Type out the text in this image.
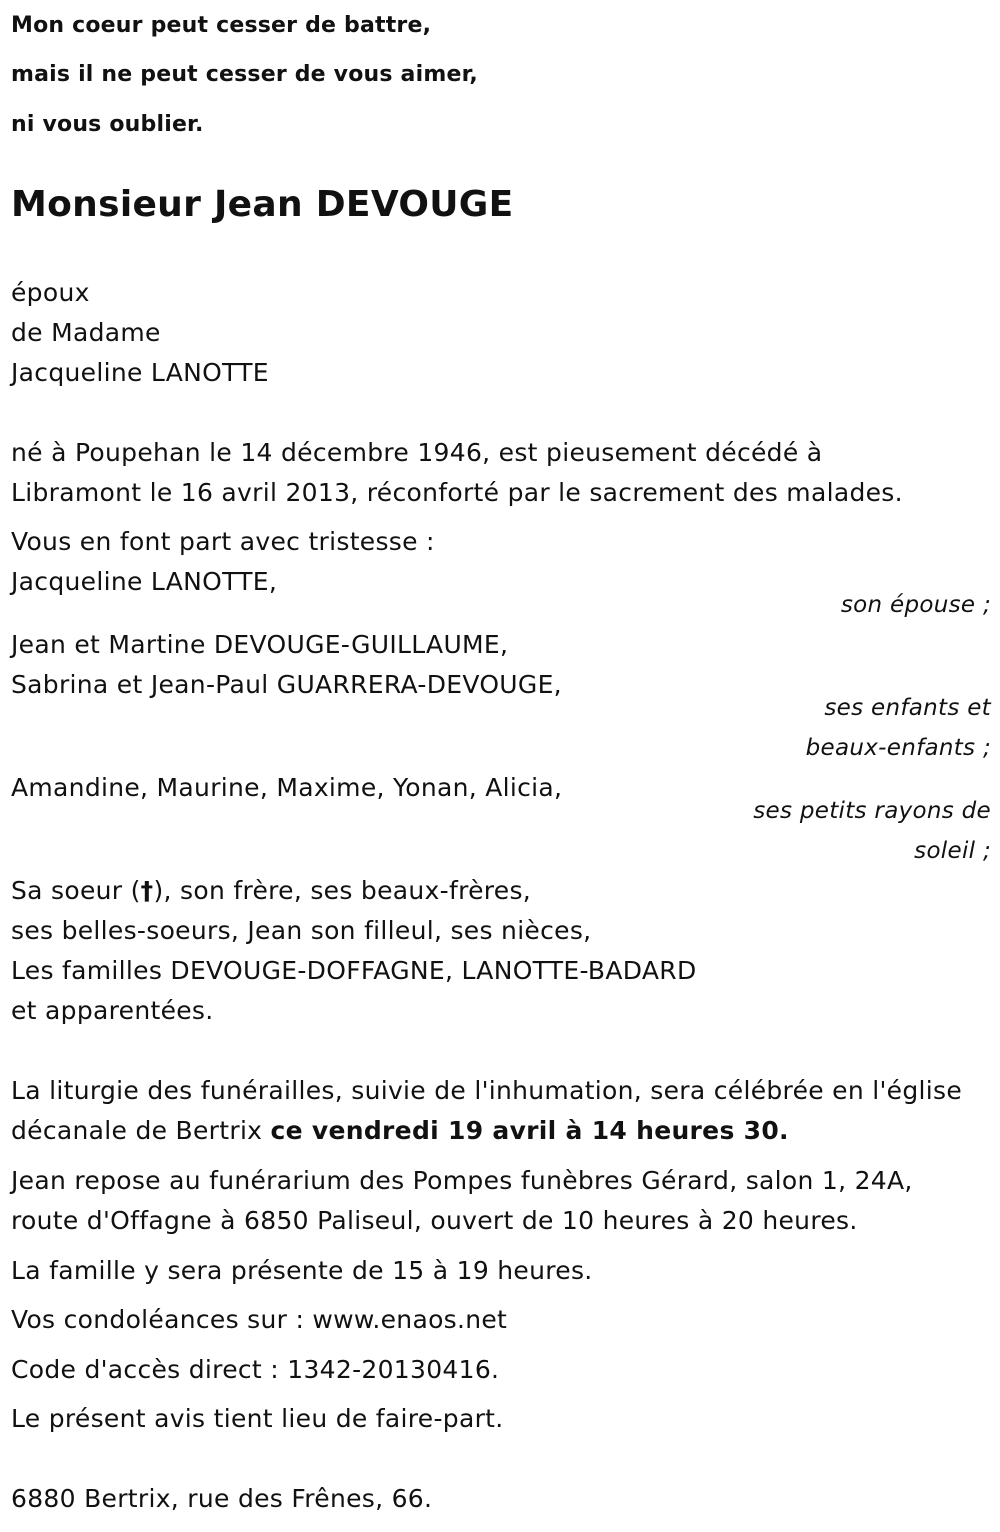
Mon coeur peut cesser de battre,
mais il ne peut cesser de vous aimer,
ni vous oublier.
Monsieur Jean DEVOUGE
époux
de Madame
Jacqueline LANOTTE
né à Poupehan le 14 décembre 1946, est pieusement décédé à
Libramont le 16 avril 2013, réconforté par le sacrement des malades.
Vous en font part avec tristesse :
Jacqueline LANOTTE,
son épouse ;
Jean et Martine DEVOUGE-GUILLAUME,
Sabrina et Jean-Paul GUARRERA-DEVOUGE,
ses enfants et
beaux-enfants ;
Amandine, Maurine, Maxime, Yonan, Alicia,
ses petits rayons de
soleil ;
Sa soeur (†), son frère, ses beaux-frères,
ses belles-soeurs, Jean son filleul, ses nièces,
Les familles DEVOUGE-DOFFAGNE, LANOTTE-BADARD
et apparentées.
La liturgie des funérailles, suivie de l'inhumation, sera célébrée en l'église
décanale de Bertrix ce vendredi 19 avril à 14 heures 30.
Jean repose au funérarium des Pompes funèbres Gérard, salon 1, 24A,
route d'Offagne à 6850 Paliseul, ouvert de 10 heures à 20 heures.
La famille y sera présente de 15 à 19 heures.
Vos condoléances sur : www.enaos.net
Code d'accès direct : 1342-20130416.
Le présent avis tient lieu de faire-part.
6880 Bertrix, rue des Frênes, 66.
